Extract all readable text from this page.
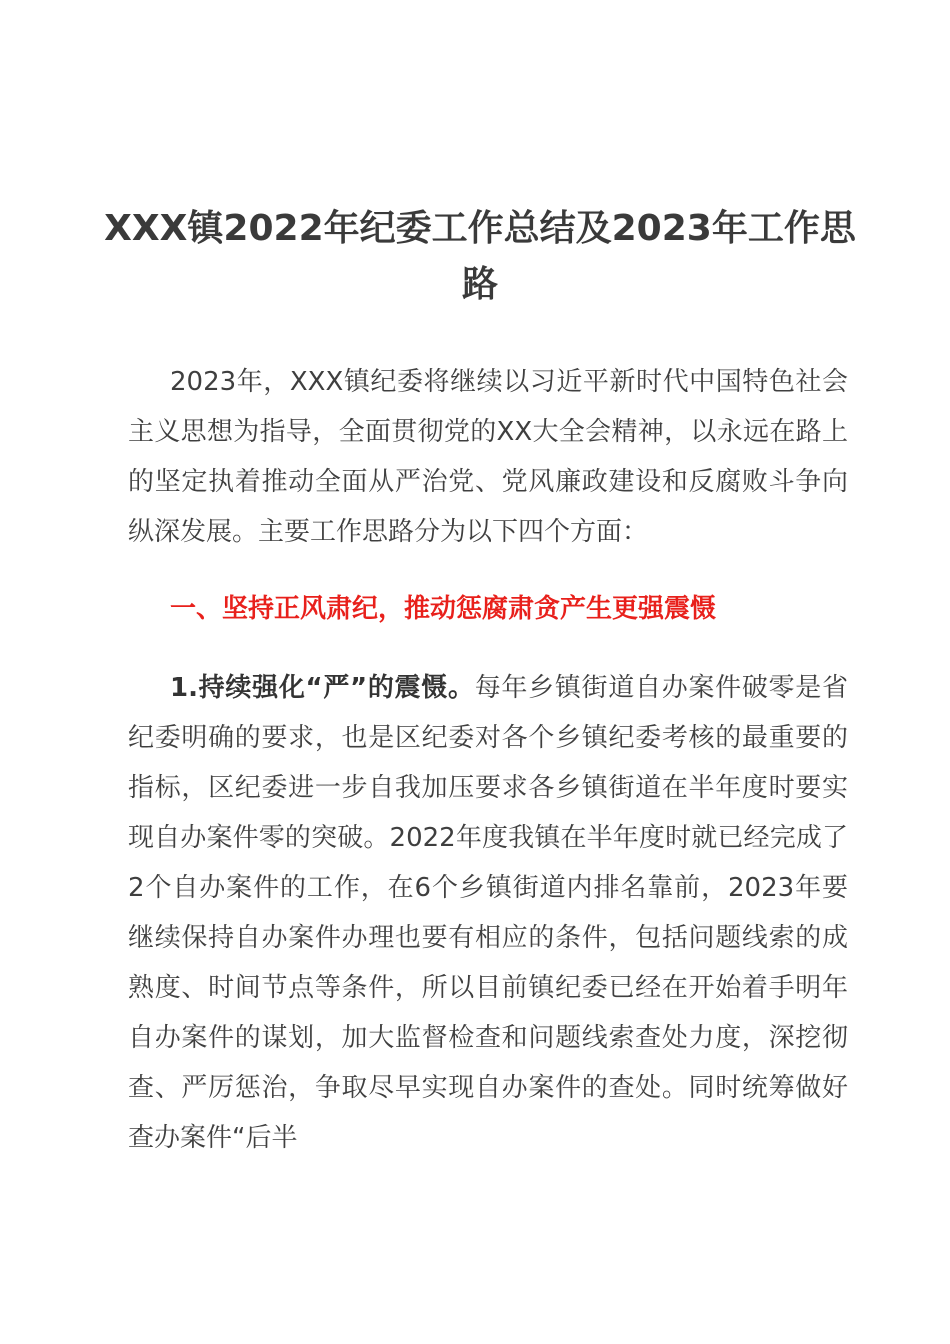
XXX镇2022年纪委工作总结及2023年工作思路

2023年，XXX镇纪委将继续以习近平新时代中国特色社会主义思想为指导，全面贯彻党的XX大全会精神，以永远在路上的坚定执着推动全面从严治党、党风廉政建设和反腐败斗争向纵深发展。主要工作思路分为以下四个方面：

一、坚持正风肃纪，推动惩腐肃贪产生更强震慑

1.持续强化“严”的震慑。每年乡镇街道自办案件破零是省纪委明确的要求，也是区纪委对各个乡镇纪委考核的最重要的指标，区纪委进一步自我加压要求各乡镇街道在半年度时要实现自办案件零的突破。2022年度我镇在半年度时就已经完成了2个自办案件的工作，在6个乡镇街道内排名靠前，2023年要继续保持自办案件办理也要有相应的条件，包括问题线索的成熟度、时间节点等条件，所以目前镇纪委已经在开始着手明年自办案件的谋划，加大监督检查和问题线索查处力度，深挖彻查、严厉惩治，争取尽早实现自办案件的查处。同时统筹做好查办案件“后半
